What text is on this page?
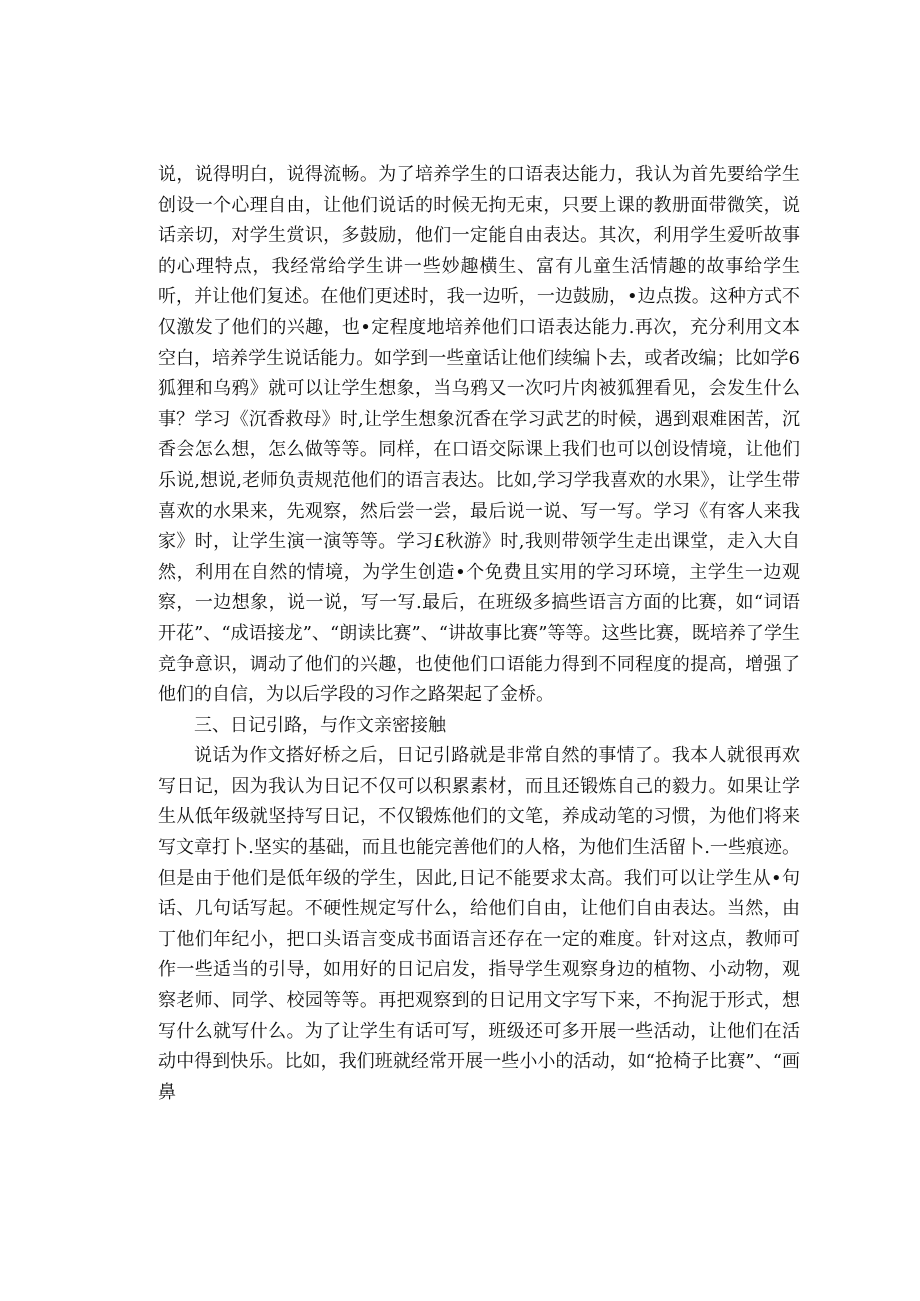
说，说得明白，说得流畅。为了培养学生的口语表达能力，我认为首先要给学生创设一个心理自由，让他们说话的时候无拘无束，只要上课的教册面带微笑，说话亲切，对学生赏识，多鼓励，他们一定能自由表达。其次，利用学生爱听故事的心理特点，我经常给学生讲一些妙趣横生、富有儿童生活情趣的故事给学生听，并让他们复述。在他们更述时，我一边听，一边鼓励，•边点拨。这种方式不仅激发了他们的兴趣，也•定程度地培养他们口语表达能力.再次，充分利用文本空白，培养学生说话能力。如学到一些童话让他们续编卜去，或者改编；比如学6狐狸和乌鸦》就可以让学生想象，当乌鸦又一次叼片肉被狐狸看见，会发生什么事？学习《沉香救母》时,让学生想象沉香在学习武艺的时候，遇到艰难困苦，沉香会怎么想，怎么做等等。同样，在口语交际课上我们也可以创设情境，让他们乐说,想说,老师负责规范他们的语言表达。比如,学习学我喜欢的水果》，让学生带喜欢的水果来，先观察，然后尝一尝，最后说一说、写一写。学习《有客人来我家》时，让学生演一演等等。学习£秋游》时,我则带领学生走出课堂，走入大自然，利用在自然的情境，为学生创造•个免费且实用的学习环境，主学生一边观察，一边想象，说一说，写一写.最后，在班级多搞些语言方面的比赛，如“词语开花”、“成语接龙”、“朗读比赛”、“讲故事比赛”等等。这些比赛，既培养了学生竞争意识，调动了他们的兴趣，也使他们口语能力得到不同程度的提高，增强了他们的自信，为以后学段的习作之路架起了金桥。

三、日记引路，与作文亲密接触

说话为作文搭好桥之后，日记引路就是非常自然的事情了。我本人就很再欢写日记，因为我认为日记不仅可以积累素材，而且还锻炼自己的毅力。如果让学生从低年级就坚持写日记，不仅锻炼他们的文笔，养成动笔的习惯，为他们将来写文章打卜.坚实的基础，而且也能完善他们的人格，为他们生活留卜.一些痕迹。但是由于他们是低年级的学生，因此,日记不能要求太高。我们可以让学生从•句话、几句话写起。不硬性规定写什么，给他们自由，让他们自由表达。当然，由丁他们年纪小，把口头语言变成书面语言还存在一定的难度。针对这点，教师可作一些适当的引导，如用好的日记启发，指导学生观察身边的植物、小动物，观察老师、同学、校园等等。再把观察到的日记用文字写下来，不拘泥于形式，想写什么就写什么。为了让学生有话可写，班级还可多开展一些活动，让他们在活动中得到快乐。比如，我们班就经常开展一些小小的活动，如“抢椅子比赛”、“画鼻
